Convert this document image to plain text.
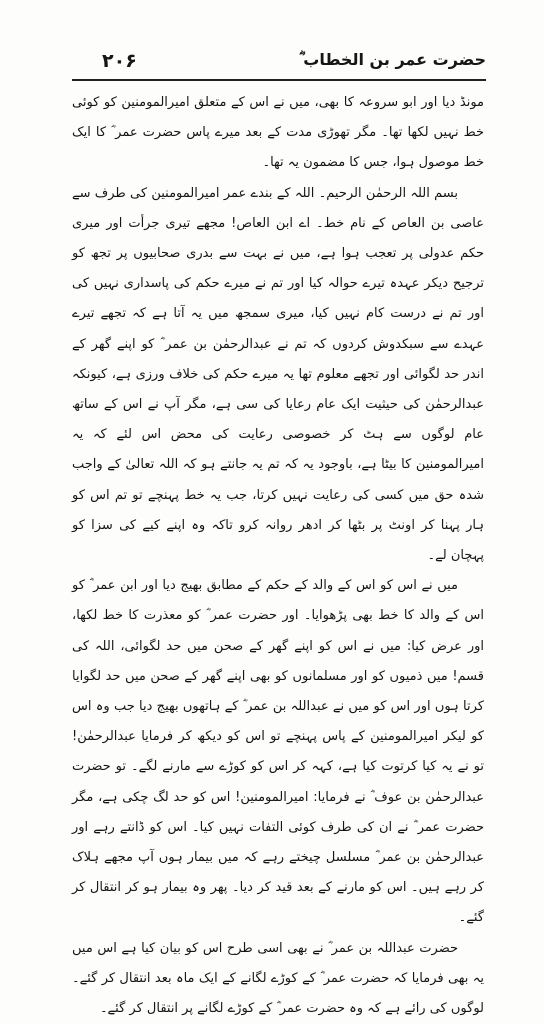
حضرت عمر بن الخطاب ؓ
۲۰۶

مونڈ دیا اور ابو سروعہ کا بھی، میں نے اس کے متعلق امیرالمومنین کو کوئی خط نہیں لکھا تھا۔ مگر تھوڑی مدت کے بعد میرے پاس حضرت عمر ؓ کا ایک خط موصول ہوا، جس کا مضمون یہ تھا۔

بسم اللہ الرحمٰن الرحیم۔ اللہ کے بندے عمر امیرالمومنین کی طرف سے عاصی بن العاص کے نام خط۔ اے ابن العاص! مجھے تیری جرأت اور میری حکم عدولی پر تعجب ہوا ہے، میں نے بہت سے بدری صحابیوں پر تجھ کو ترجیح دیکر عہدہ تیرے حوالہ کیا اور تم نے میرے حکم کی پاسداری نہیں کی اور تم نے درست کام نہیں کیا، میری سمجھ میں یہ آتا ہے کہ تجھے تیرے عہدے سے سبکدوش کردوں کہ تم نے عبدالرحمٰن بن عمر ؓ کو اپنے گھر کے اندر حد لگوائی اور تجھے معلوم تھا یہ میرے حکم کی خلاف ورزی ہے، کیونکہ عبدالرحمٰن کی حیثیت ایک عام رعایا کی سی ہے، مگر آپ نے اس کے ساتھ عام لوگوں سے ہٹ کر خصوصی رعایت کی محض اس لئے کہ یہ امیرالمومنین کا بیٹا ہے، باوجود یہ کہ تم یہ جانتے ہو کہ اللہ تعالیٰ کے واجب شدہ حق میں کسی کی رعایت نہیں کرتا، جب یہ خط پہنچے تو تم اس کو ہار پہنا کر اونٹ پر بٹھا کر ادھر روانہ کرو تاکہ وہ اپنے کیے کی سزا کو پہچان لے۔

میں نے اس کو اس کے والد کے حکم کے مطابق بھیج دیا اور ابن عمر ؓ کو اس کے والد کا خط بھی پڑھوایا۔ اور حضرت عمر ؓ کو معذرت کا خط لکھا، اور عرض کیا: میں نے اس کو اپنے گھر کے صحن میں حد لگوائی، اللہ کی قسم! میں ذمیوں کو اور مسلمانوں کو بھی اپنے گھر کے صحن میں حد لگوایا کرتا ہوں اور اس کو میں نے عبداللہ بن عمر ؓ کے ہاتھوں بھیج دیا جب وہ اس کو لیکر امیرالمومنین کے پاس پہنچے تو اس کو دیکھ کر فرمایا عبدالرحمٰن! تو نے یہ کیا کرتوت کیا ہے، کہہ کر اس کو کوڑے سے مارنے لگے۔ تو حضرت عبدالرحمٰن بن عوف ؓ نے فرمایا: امیرالمومنین! اس کو حد لگ چکی ہے، مگر حضرت عمر ؓ نے ان کی طرف کوئی التفات نہیں کیا۔ اس کو ڈانتے رہے اور عبدالرحمٰن بن عمر ؓ مسلسل چیختے رہے کہ میں بیمار ہوں آپ مجھے ہلاک کر رہے ہیں۔ اس کو مارنے کے بعد قید کر دیا۔ پھر وہ بیمار ہو کر انتقال کر گئے۔

حضرت عبداللہ بن عمر ؓ نے بھی اسی طرح اس کو بیان کیا ہے اس میں یہ بھی فرمایا کہ حضرت عمر ؓ کے کوڑے لگانے کے ایک ماہ بعد انتقال کر گئے۔ لوگوں کی رائے ہے کہ وہ حضرت عمر ؓ کے کوڑے لگانے پر انتقال کر گئے۔
